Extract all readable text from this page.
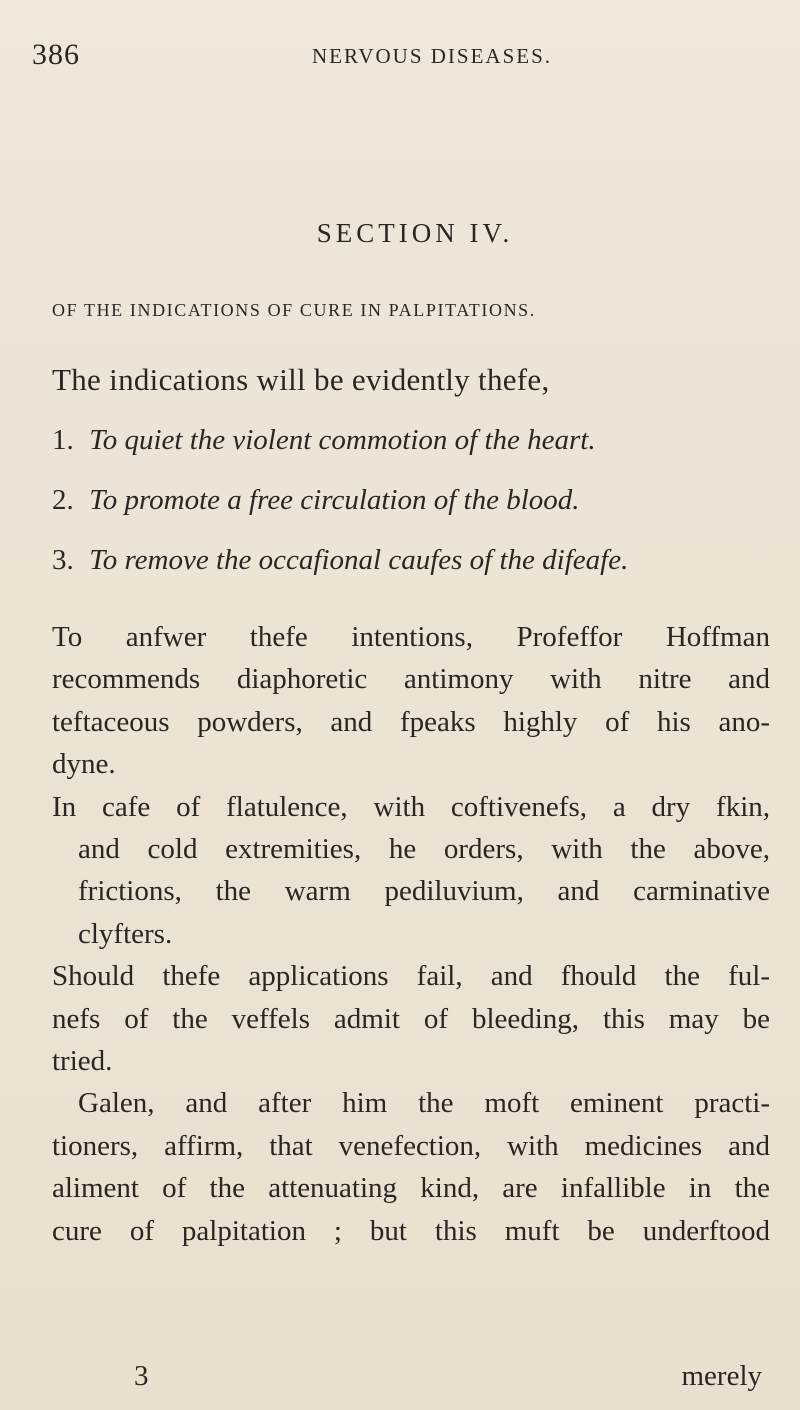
386	NERVOUS DISEASES.
SECTION IV.
OF THE INDICATIONS OF CURE IN PALPITATIONS.
The indications will be evidently thefe,
1. To quiet the violent commotion of the heart.
2. To promote a free circulation of the blood.
3. To remove the occafional caufes of the difeafe.

To anfwer thefe intentions, Profeffor Hoffman
recommends diaphoretic antimony with nitre and
teftaceous powders, and fpeaks highly of his ano-
dyne.

In cafe of flatulence, with coftivenefs, a dry fkin,
and cold extremities, he orders, with the above,
frictions, the warm pediluvium, and carminative
clyfters.

Should thefe applications fail, and fhould the ful-
nefs of the veffels admit of bleeding, this may be
tried.

Galen, and after him the moft eminent practi-
tioners, affirm, that venefection, with medicines and
aliment of the attenuating kind, are infallible in the
cure of palpitation ; but this muft be underftood

3	merely
